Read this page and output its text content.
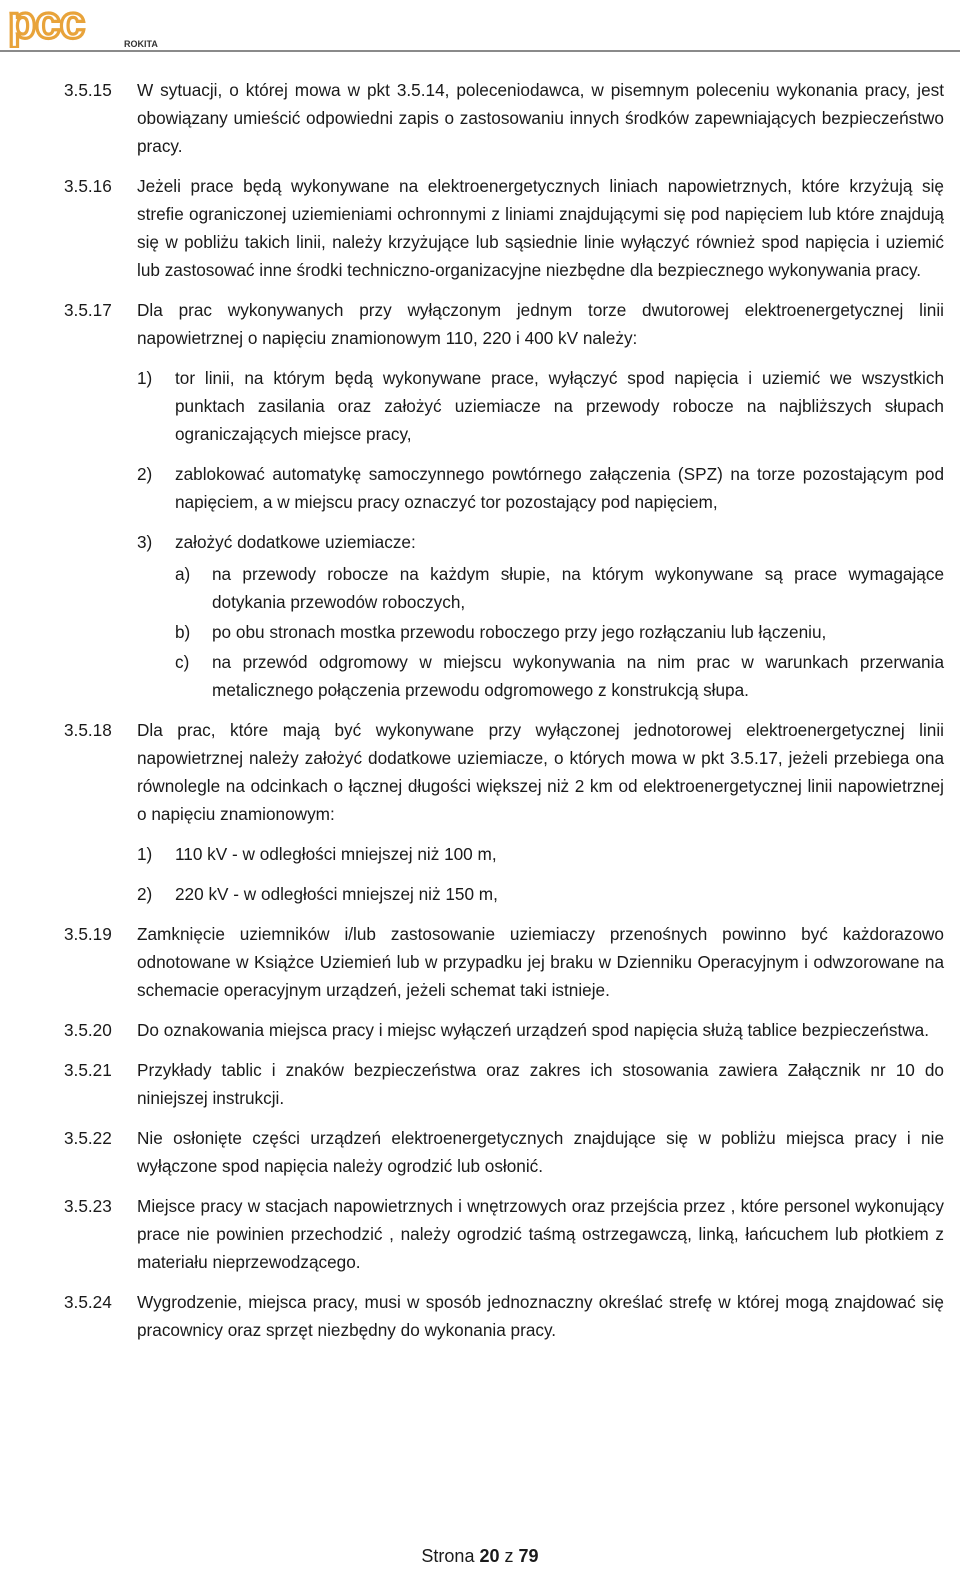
pcc	ROKITA
3.5.15 W sytuacji, o której mowa w pkt 3.5.14, poleceniodawca, w pisemnym poleceniu wykonania pracy, jest obowiązany umieścić odpowiedni zapis o zastosowaniu innych środków zapewniających bezpieczeństwo pracy.
3.5.16 Jeżeli prace będą wykonywane na elektroenergetycznych liniach napowietrznych, które krzyżują się strefie ograniczonej uziemieniami ochronnymi z liniami znajdującymi się pod napięciem lub które znajdują się w pobliżu takich linii, należy krzyżujące lub sąsiednie linie wyłączyć również spod napięcia i uziemić lub zastosować inne środki techniczno-organizacyjne niezbędne dla bezpiecznego wykonywania pracy.
3.5.17 Dla prac wykonywanych przy wyłączonym jednym torze dwutorowej elektroenergetycznej linii napowietrznej o napięciu znamionowym 110, 220 i 400 kV należy:
1) tor linii, na którym będą wykonywane prace, wyłączyć spod napięcia i uziemić we wszystkich punktach zasilania oraz założyć uziemiacze na przewody robocze na najbliższych słupach ograniczających miejsce pracy,
2) zablokować automatykę samoczynnego powtórnego załączenia (SPZ) na torze pozostającym pod napięciem, a w miejscu pracy oznaczyć tor pozostający pod napięciem,
3) założyć dodatkowe uziemiacze:
a) na przewody robocze na każdym słupie, na którym wykonywane są prace wymagające dotykania przewodów roboczych,
b) po obu stronach mostka przewodu roboczego przy jego rozłączaniu lub łączeniu,
c) na przewód odgromowy w miejscu wykonywania na nim prac w warunkach przerwania metalicznego połączenia przewodu odgromowego z konstrukcją słupa.
3.5.18 Dla prac, które mają być wykonywane przy wyłączonej jednotorowej elektroenergetycznej linii napowietrznej należy założyć dodatkowe uziemiacze, o których mowa w pkt 3.5.17, jeżeli przebiega ona równolegle na odcinkach o łącznej długości większej niż 2 km od elektroenergetycznej linii napowietrznej o napięciu znamionowym:
1) 110 kV - w odległości mniejszej niż 100 m,
2) 220 kV - w odległości mniejszej niż 150 m,
3.5.19 Zamknięcie uziemników i/lub zastosowanie uziemiaczy przenośnych powinno być każdorazowo odnotowane w Książce Uziemień lub w przypadku jej braku w Dzienniku Operacyjnym i odwzorowane na schemacie operacyjnym urządzeń, jeżeli schemat taki istnieje.
3.5.20 Do oznakowania miejsca pracy i miejsc wyłączeń urządzeń spod napięcia służą tablice bezpieczeństwa.
3.5.21 Przykłady tablic i znaków bezpieczeństwa oraz zakres ich stosowania zawiera Załącznik nr 10 do niniejszej instrukcji.
3.5.22 Nie osłonięte części urządzeń elektroenergetycznych znajdujące się w pobliżu miejsca pracy i nie wyłączone spod napięcia należy ogrodzić lub osłonić.
3.5.23 Miejsce pracy w stacjach napowietrznych i wnętrzowych oraz przejścia przez , które personel wykonujący prace nie powinien przechodzić , należy ogrodzić taśmą ostrzegawczą, linką, łańcuchem lub płotkiem z materiału nieprzewodzącego.
3.5.24 Wygrodzenie, miejsca pracy, musi w sposób jednoznaczny określać strefę w której mogą znajdować się pracownicy oraz sprzęt niezbędny do wykonania pracy.
Strona 20 z 79
